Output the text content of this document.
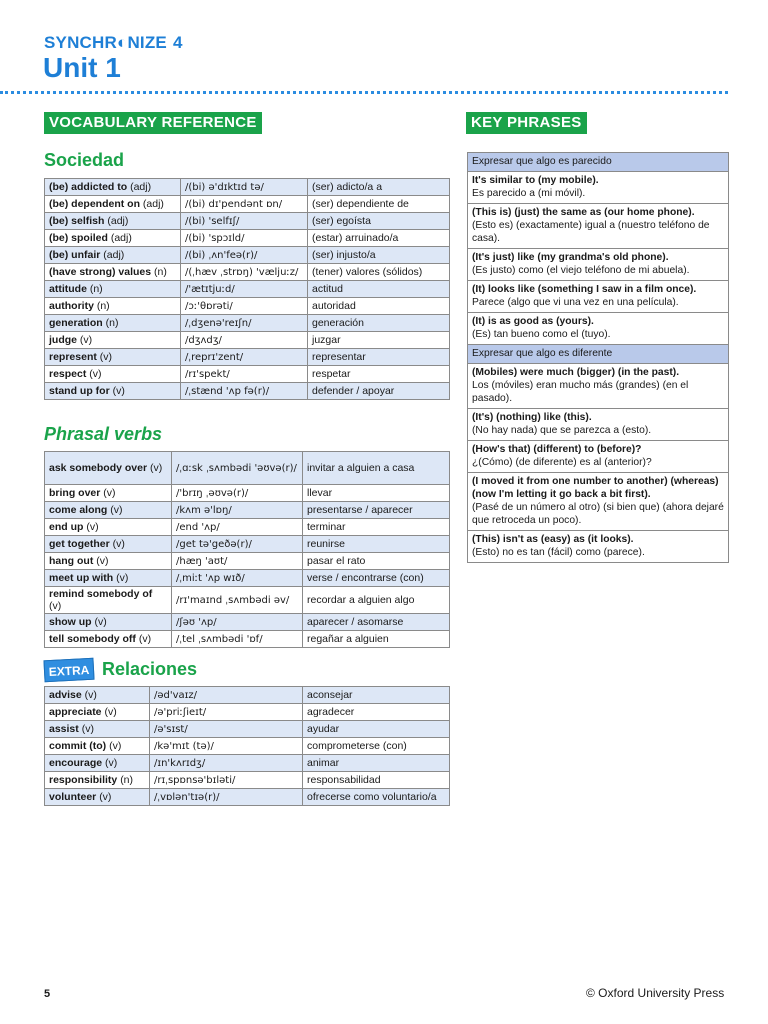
SYNCHR◐NIZE 4
Unit 1
VOCABULARY REFERENCE	KEY PHRASES
Sociedad
(be) addicted to (adj)	/(bi) ə'dɪktɪd tə/	(ser) adicto/a a
(be) dependent on (adj)	/(bi) dɪ'pendənt ɒn/	(ser) dependiente de
(be) selfish (adj)	/(bi) 'selfɪʃ/	(ser) egoísta
(be) spoiled (adj)	/(bi) 'spɔɪld/	(estar) arruinado/a
(be) unfair (adj)	/(bi) ˌʌn'feə(r)/	(ser) injusto/a
(have strong) values (n)	/(ˌhæv ˌstrɒŋ) 'væljuːz/	(tener) valores (sólidos)
attitude (n)	/'ætɪtjuːd/	actitud
authority (n)	/ɔː'θɒrəti/	autoridad
generation (n)	/ˌdʒenə'reɪʃn/	generación
judge (v)	/dʒʌdʒ/	juzgar
represent (v)	/ˌreprɪ'zent/	representar
respect (v)	/rɪ'spekt/	respetar
stand up for (v)	/ˌstænd 'ʌp fə(r)/	defender / apoyar
Phrasal verbs
ask somebody over (v)	/ˌɑːsk ˌsʌmbədi 'əʊvə(r)/	invitar a alguien a casa
bring over (v)	/'brɪŋ ˌəʊvə(r)/	llevar
come along (v)	/kʌm ə'lɒŋ/	presentarse / aparecer
end up (v)	/end 'ʌp/	terminar
get together (v)	/get tə'geðə(r)/	reunirse
hang out (v)	/hæŋ 'aʊt/	pasar el rato
meet up with (v)	/ˌmiːt 'ʌp wɪð/	verse / encontrarse (con)
remind somebody of (v)	/rɪ'maɪnd ˌsʌmbədi əv/	recordar a alguien algo
show up (v)	/ʃəʊ 'ʌp/	aparecer / asomarse
tell somebody off (v)	/ˌtel ˌsʌmbədi 'ɒf/	regañar a alguien
EXTRA Relaciones
advise (v)	/əd'vaɪz/	aconsejar
appreciate (v)	/ə'priːʃieɪt/	agradecer
assist (v)	/ə'sɪst/	ayudar
commit (to) (v)	/kə'mɪt (tə)/	comprometerse (con)
encourage (v)	/ɪn'kʌrɪdʒ/	animar
responsibility (n)	/rɪˌspɒnsə'bɪləti/	responsabilidad
volunteer (v)	/ˌvɒlən'tɪə(r)/	ofrecerse como voluntario/a
Expresar que algo es parecido

It's similar to (my mobile).
Es parecido a (mi móvil).

(This is) (just) the same as (our home phone).
(Esto es) (exactamente) igual a (nuestro teléfono de casa).

(It's just) like (my grandma's old phone).
(Es justo) como (el viejo teléfono de mi abuela).

(It) looks like (something I saw in a film once).
Parece (algo que vi una vez en una película).

(It) is as good as (yours).
(Es) tan bueno como el (tuyo).

Expresar que algo es diferente

(Mobiles) were much (bigger) (in the past).
Los (móviles) eran mucho más (grandes) (en el pasado).

(It's) (nothing) like (this).
(No hay nada) que se parezca a (esto).

(How's that) (different) to (before)?
¿(Cómo) (de diferente) es al (anterior)?

(I moved it from one number to another) (whereas) (now I'm letting it go back a bit first).
(Pasé de un número al otro) (si bien que) (ahora dejaré que retroceda un poco).

(This) isn't as (easy) as (it looks).
(Esto) no es tan (fácil) como (parece).
5	© Oxford University Press
